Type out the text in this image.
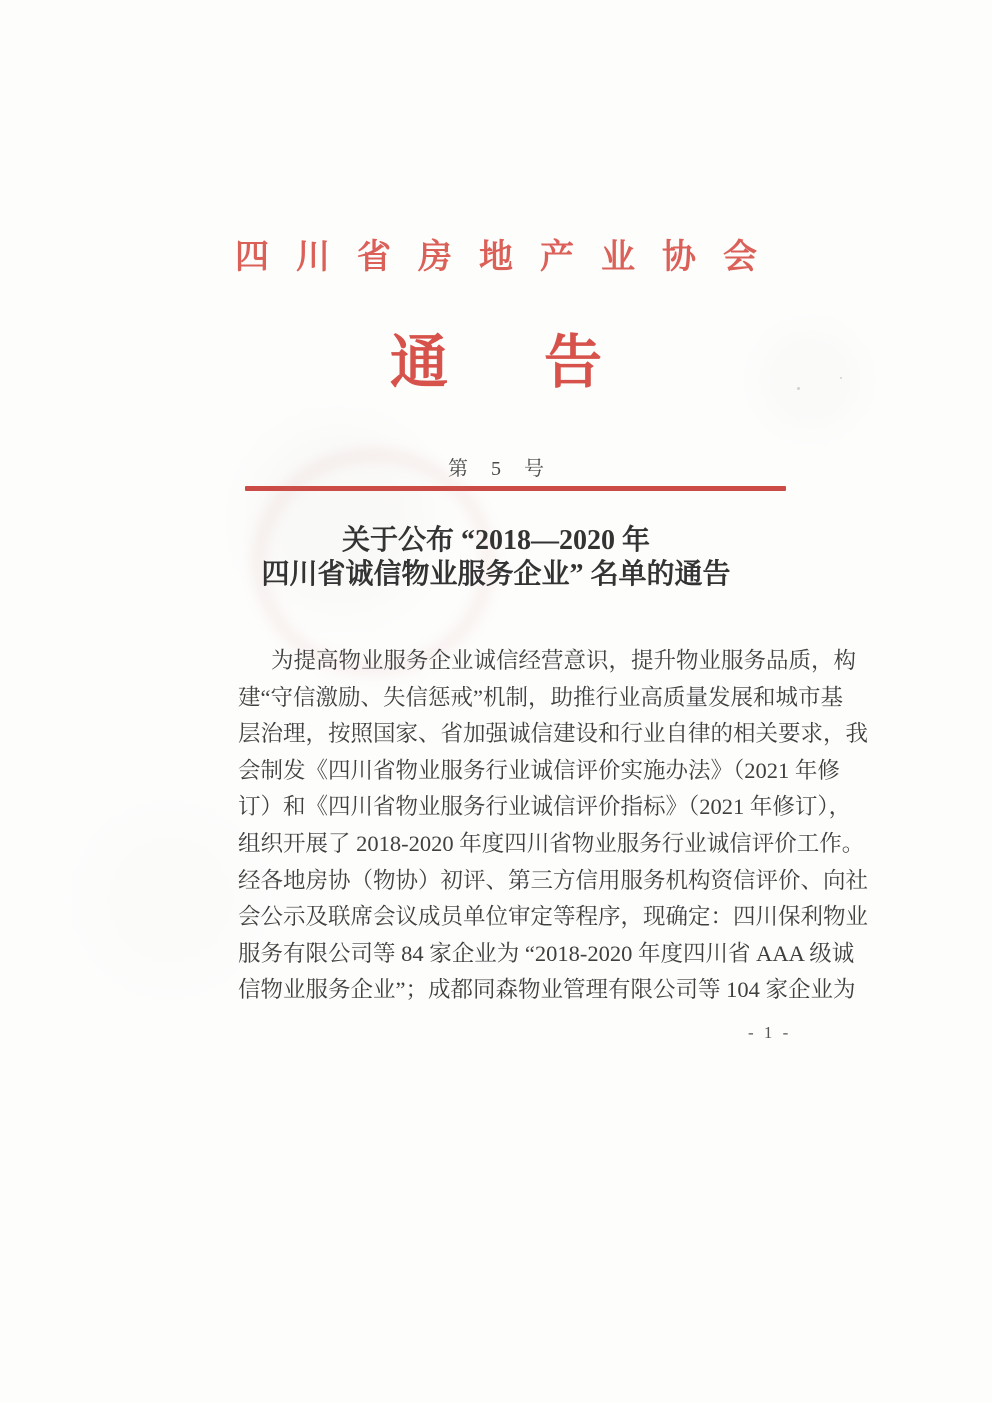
四川省房地产业协会
通告
第 5 号
关于公布 “2018—2020 年
四川省诚信物业服务企业” 名单的通告
为提高物业服务企业诚信经营意识，提升物业服务品质，构
建“守信激励、失信惩戒”机制，助推行业高质量发展和城市基
层治理，按照国家、省加强诚信建设和行业自律的相关要求，我
会制发《四川省物业服务行业诚信评价实施办法》（2021 年修
订）和《四川省物业服务行业诚信评价指标》（2021 年修订），
组织开展了 2018-2020 年度四川省物业服务行业诚信评价工作。
经各地房协（物协）初评、第三方信用服务机构资信评价、向社
会公示及联席会议成员单位审定等程序，现确定：四川保利物业
服务有限公司等 84 家企业为 “2018-2020 年度四川省 AAA 级诚
信物业服务企业”；成都同森物业管理有限公司等 104 家企业为
- 1 -
